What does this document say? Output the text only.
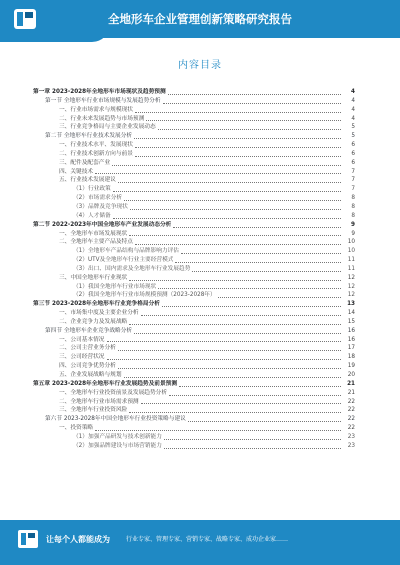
全地形车企业管理创新策略研究报告
内容目录
第一章 2023-2028年全地形车市场现状及趋势预测	4
第一节 全地形车行业市场规模与发展趋势分析	4
一、行业市场需求与规模现状	4
二、行业未来发展趋势与市场预测	4
三、行业竞争格局与主要企业发展动态	5
第二节 全地形车行业技术发展分析	5
一、行业技术水平、发展现状	6
二、行业技术创新方向与前景	6
三、配件及配套产业	6
四、关键技术	7
五、行业技术发展建议	7
（1）行业政策	7
（2）市场需求分析	8
（3）品牌及竞争现状	8
（4）人才储备	8
第二节 2022-2023年中国全地形车产业发展动态分析	9
一、全地形车市场发展现状	9
二、全地形车主要产品及特点	10
（1）全地形车产品结构与品牌影响力评估	10
（2）UTV及全地形车行业主要经营模式	11
（3）出口、国内需求及全地形车行业发展趋势	11
三、中国全地形车行业现状	12
（1）我国全地形车行业市场现状	12
（2）我国全地形车行业市场规模预测（2023-2028年）	12
第三节 2023-2028年全地形车行业竞争格局分析	13
一、市场集中度及主要企业分析	14
二、企业竞争力及发展战略	15
第四节 全地形车企业竞争战略分析	16
一、公司基本情况	16
二、公司主营业务分析	17
三、公司经营状况	18
四、公司竞争优势分析	19
五、企业发展战略与规划	20
第五章 2023-2028年全地形车行业发展趋势及前景预测	21
一、全地形车行业投资前景及发展趋势分析	21
二、全地形车行业市场需求预测	22
三、全地形车行业投资风险	22
第六节 2023-2028年中国全地形车行业投资策略与建议	22
一、投资策略	22
（1）加强产品研发与技术创新能力	23
（2）加强品牌建设与市场营销能力	23
让每个人都能成为	行业专家、管理专家、营销专家、战略专家、成功企业家……
